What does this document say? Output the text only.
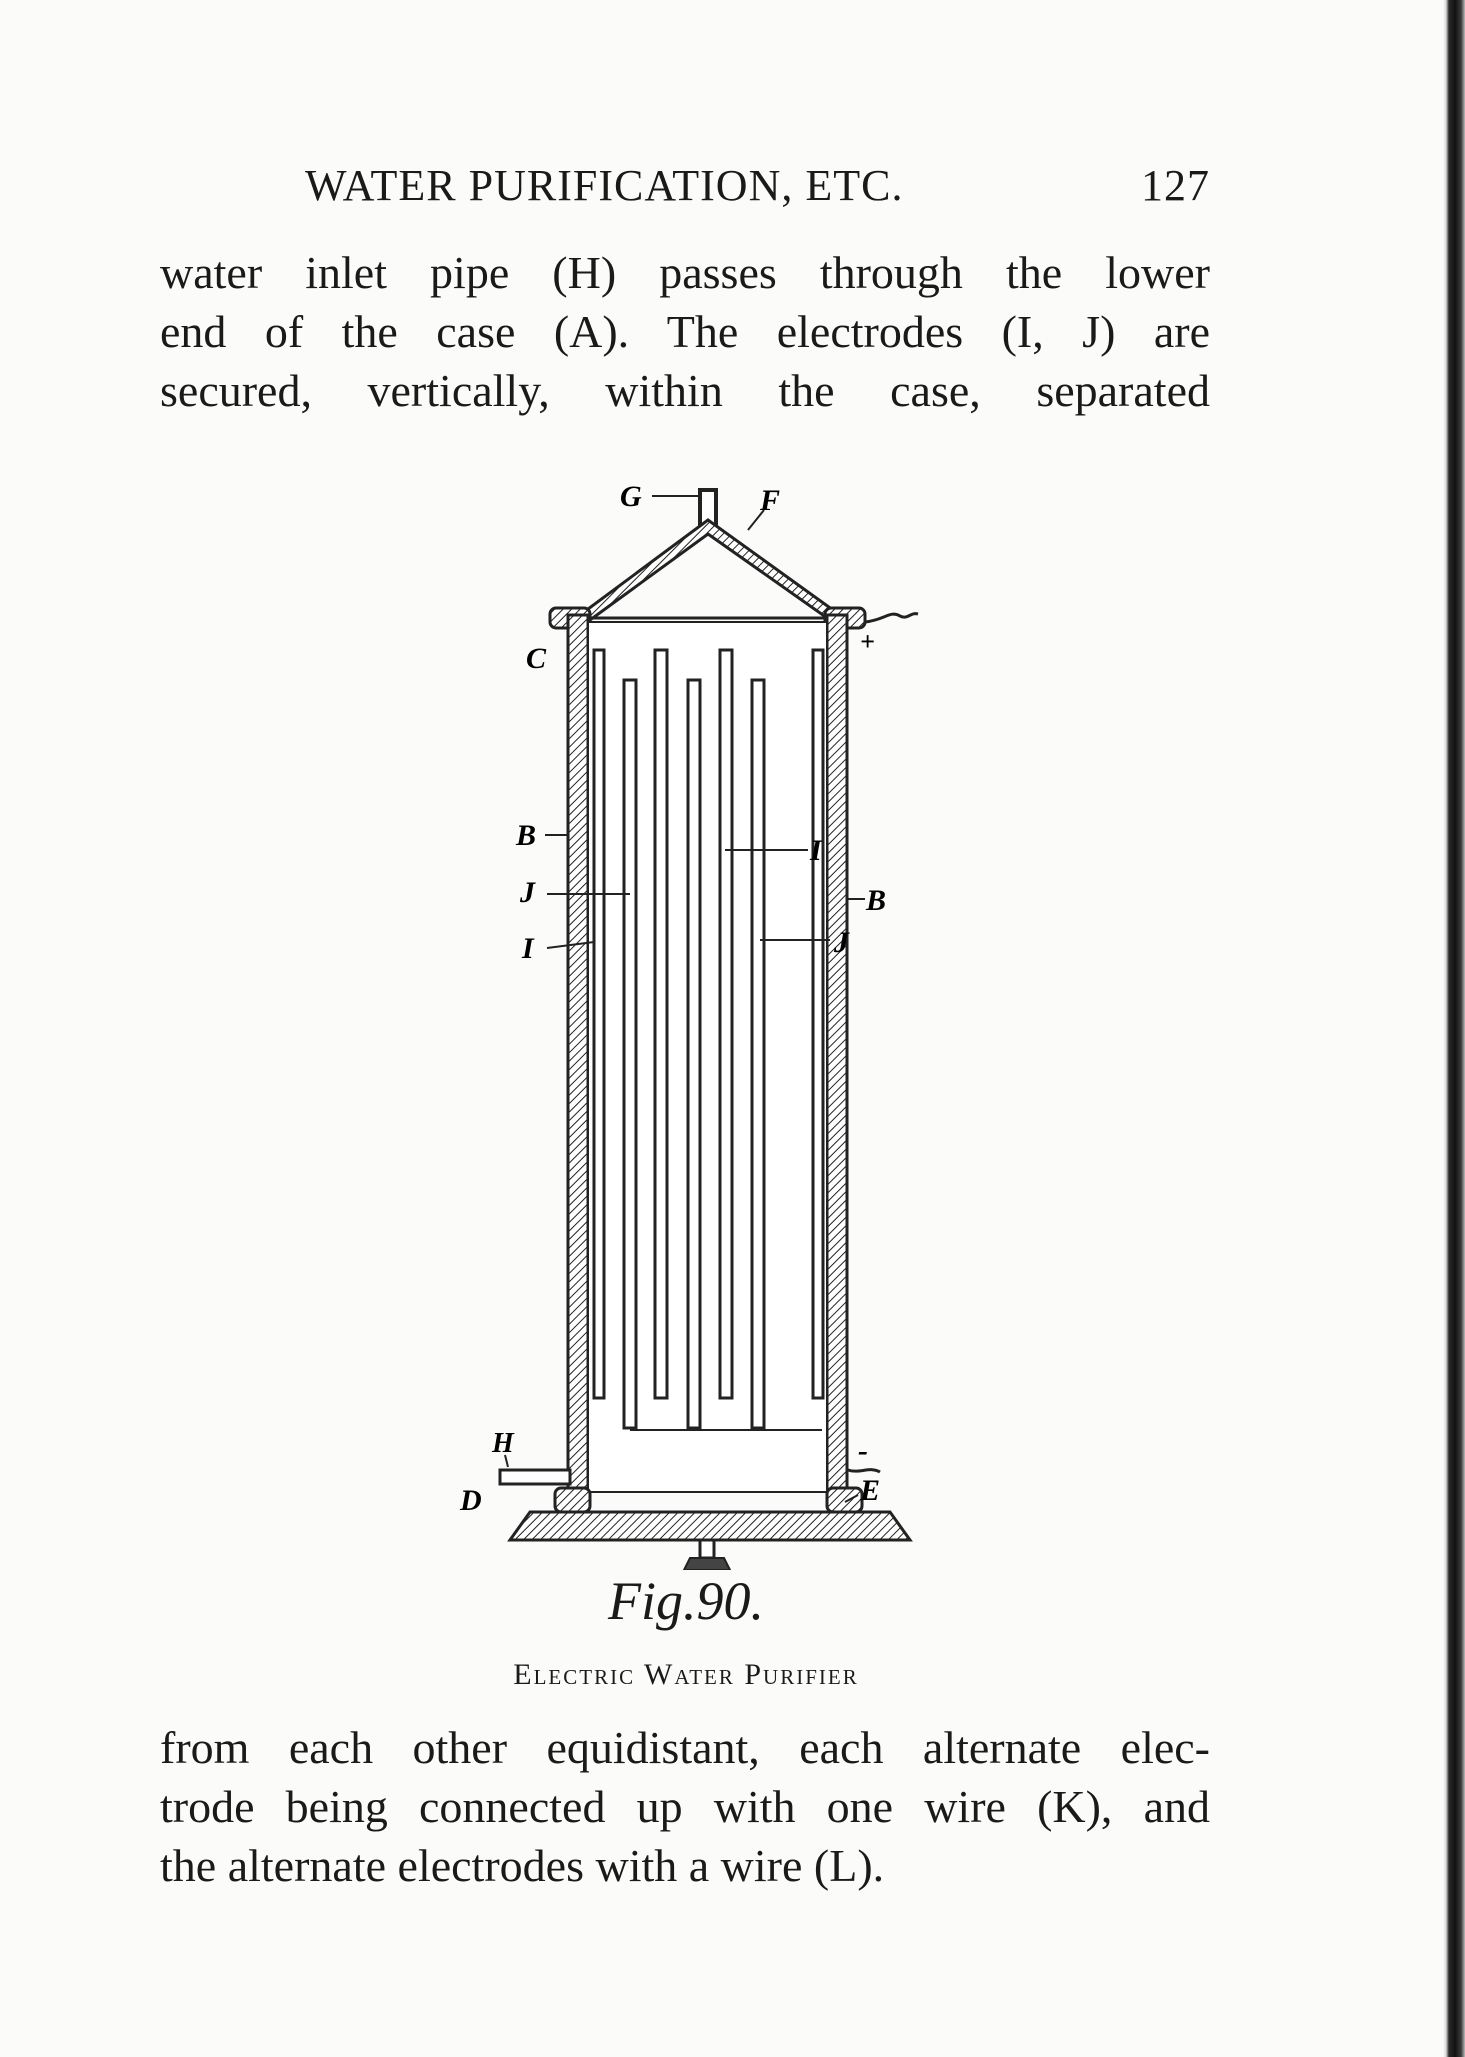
WATER PURIFICATION, ETC.	127
water inlet pipe (H) passes through the lower
end of the case (A). The electrodes (I, J) are
secured, vertically, within the case, separated
G	F
C
B
J
I
I
B
J
H
D	E
+
-
Fig.90.
Electric Water Purifier
from each other equidistant, each alternate elec-
trode being connected up with one wire (K), and
the alternate electrodes with a wire (L).
